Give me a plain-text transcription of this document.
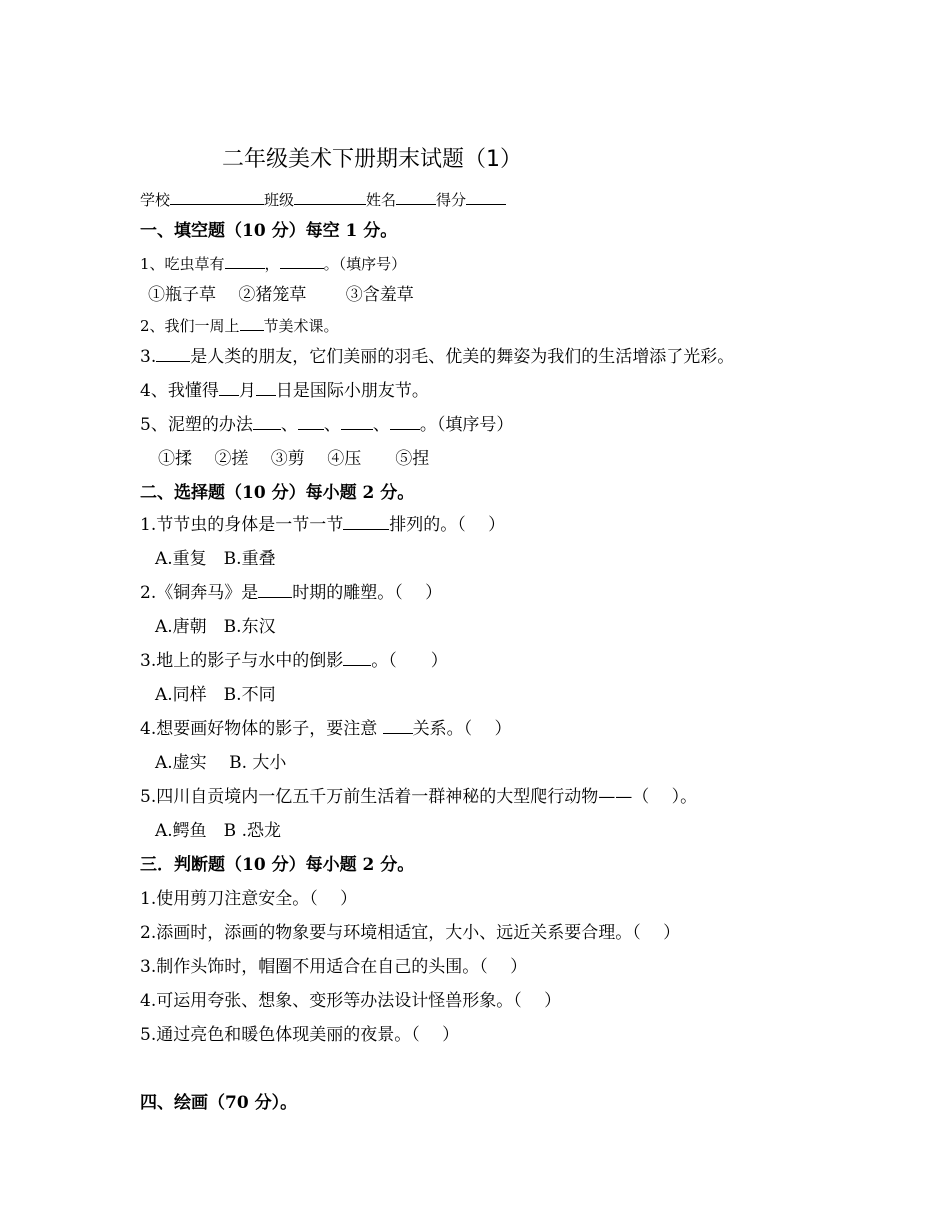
二年级美术下册期末试题（1）
学校	班级	姓名	得分
一、填空题（10 分）每空 1 分。
1、吃虫草有	，	。（填序号）
①瓶子草　 ②猪笼草　　 ③含羞草
2、我们一周上 节美术课。
3. 是人类的朋友，它们美丽的羽毛、优美的舞姿为我们的生活增添了光彩。
4、我懂得 月 日是国际小朋友节。
5、泥塑的办法 、 、 、 。（填序号）
①揉　 ②搓　 ③剪　 ④压　　⑤捏
二、选择题（10 分）每小题 2 分。
1.节节虫的身体是一节一节	排列的。（　 ）
A.重复　B.重叠
2.《铜奔马》是 时期的雕塑。（　 ）
A.唐朝　B.东汉
3.地上的影子与水中的倒影 。（　　）
A.同样　B.不同
4.想要画好物体的影子，要注意 关系。（　 ）
A.虚实　 B. 大小
5.四川自贡境内一亿五千万前生活着一群神秘的大型爬行动物——（　 ）。
A.鳄鱼　B .恐龙
三．判断题（10 分）每小题 2 分。
1.使用剪刀注意安全。（　 ）
2.添画时，添画的物象要与环境相适宜，大小、远近关系要合理。（　 ）
3.制作头饰时，帽圈不用适合在自己的头围。（　 ）
4.可运用夸张、想象、变形等办法设计怪兽形象。（　 ）
5.通过亮色和暖色体现美丽的夜景。（　 ）
四、绘画（70 分）。
